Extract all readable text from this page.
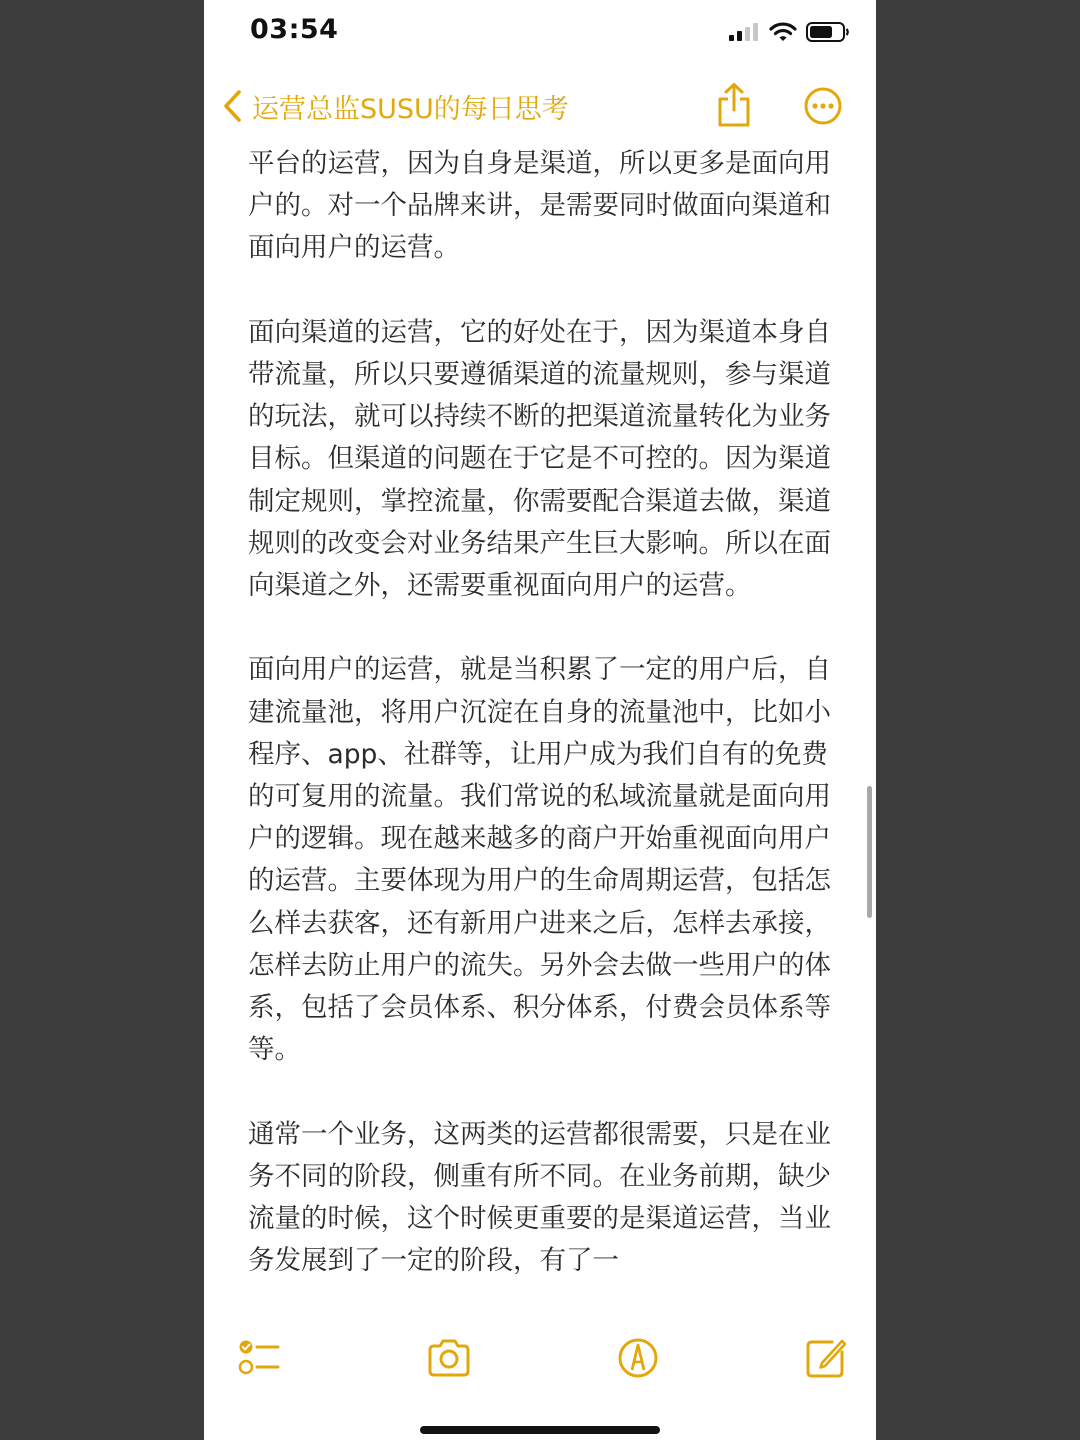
03:54
运营总监SUSU的每日思考

平台的运营，因为自身是渠道，所以更多是面向用户的。对一个品牌来讲，是需要同时做面向渠道和面向用户的运营。

面向渠道的运营，它的好处在于，因为渠道本身自带流量，所以只要遵循渠道的流量规则，参与渠道的玩法，就可以持续不断的把渠道流量转化为业务目标。但渠道的问题在于它是不可控的。因为渠道制定规则，掌控流量，你需要配合渠道去做，渠道规则的改变会对业务结果产生巨大影响。所以在面向渠道之外，还需要重视面向用户的运营。

面向用户的运营，就是当积累了一定的用户后，自建流量池，将用户沉淀在自身的流量池中，比如小程序、app、社群等，让用户成为我们自有的免费的可复用的流量。我们常说的私域流量就是面向用户的逻辑。现在越来越多的商户开始重视面向用户的运营。主要体现为用户的生命周期运营，包括怎么样去获客，还有新用户进来之后，怎样去承接，怎样去防止用户的流失。另外会去做一些用户的体系，包括了会员体系、积分体系，付费会员体系等等。

通常一个业务，这两类的运营都很需要，只是在业务不同的阶段，侧重有所不同。在业务前期，缺少流量的时候，这个时候更重要的是渠道运营，当业务发展到了一定的阶段，有了一
